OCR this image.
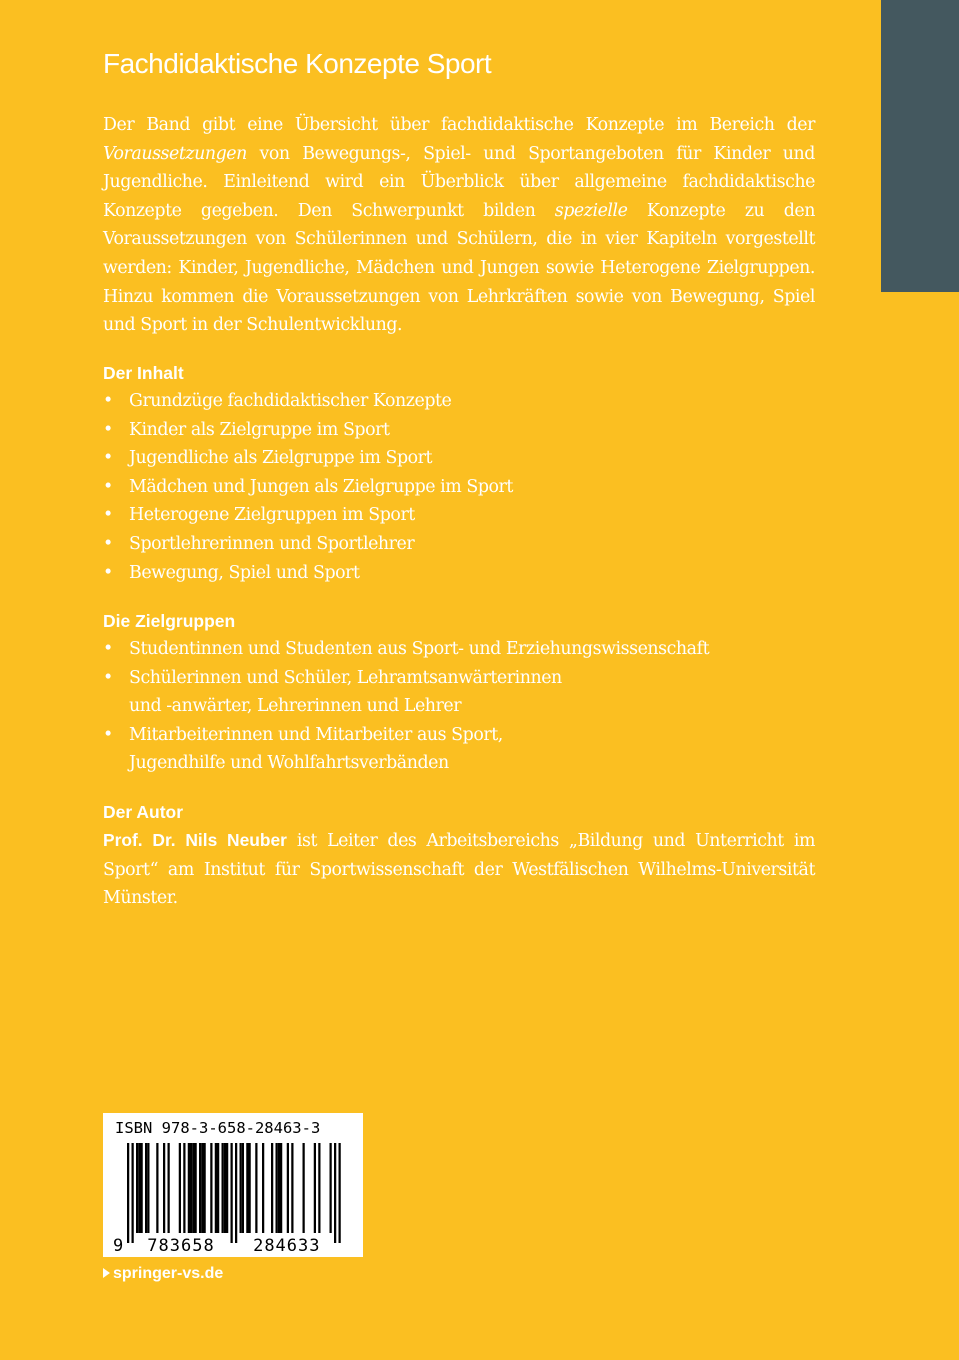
Fachdidaktische Konzepte Sport

Der Band gibt eine Übersicht über fachdidaktische Konzepte im Bereich der Voraussetzungen von Bewegungs-, Spiel- und Sportangeboten für Kinder und Jugendliche. Einleitend wird ein Überblick über allgemeine fachdidaktische Konzepte gegeben. Den Schwerpunkt bilden spezielle Konzepte zu den Voraussetzungen von Schülerinnen und Schülern, die in vier Kapiteln vorgestellt werden: Kinder, Jugendliche, Mädchen und Jungen sowie Heterogene Zielgruppen. Hinzu kommen die Voraussetzungen von Lehrkräften sowie von Bewegung, Spiel und Sport in der Schulentwicklung.

Der Inhalt
• Grundzüge fachdidaktischer Konzepte
• Kinder als Zielgruppe im Sport
• Jugendliche als Zielgruppe im Sport
• Mädchen und Jungen als Zielgruppe im Sport
• Heterogene Zielgruppen im Sport
• Sportlehrerinnen und Sportlehrer
• Bewegung, Spiel und Sport
Die Zielgruppen
• Studentinnen und Studenten aus Sport- und Erziehungswissenschaft
• Schülerinnen und Schüler, Lehramtsanwärterinnen
und -anwärter, Lehrerinnen und Lehrer
• Mitarbeiterinnen und Mitarbeiter aus Sport,
Jugendhilfe und Wohlfahrtsverbänden
Der Autor
Prof. Dr. Nils Neuber ist Leiter des Arbeitsbereichs „Bildung und Unterricht im Sport“ am Institut für Sportwissenschaft der Westfälischen Wilhelms-Universität Münster.
ISBN 978-3-658-28463-3
9 783658 284633
springer-vs.de
